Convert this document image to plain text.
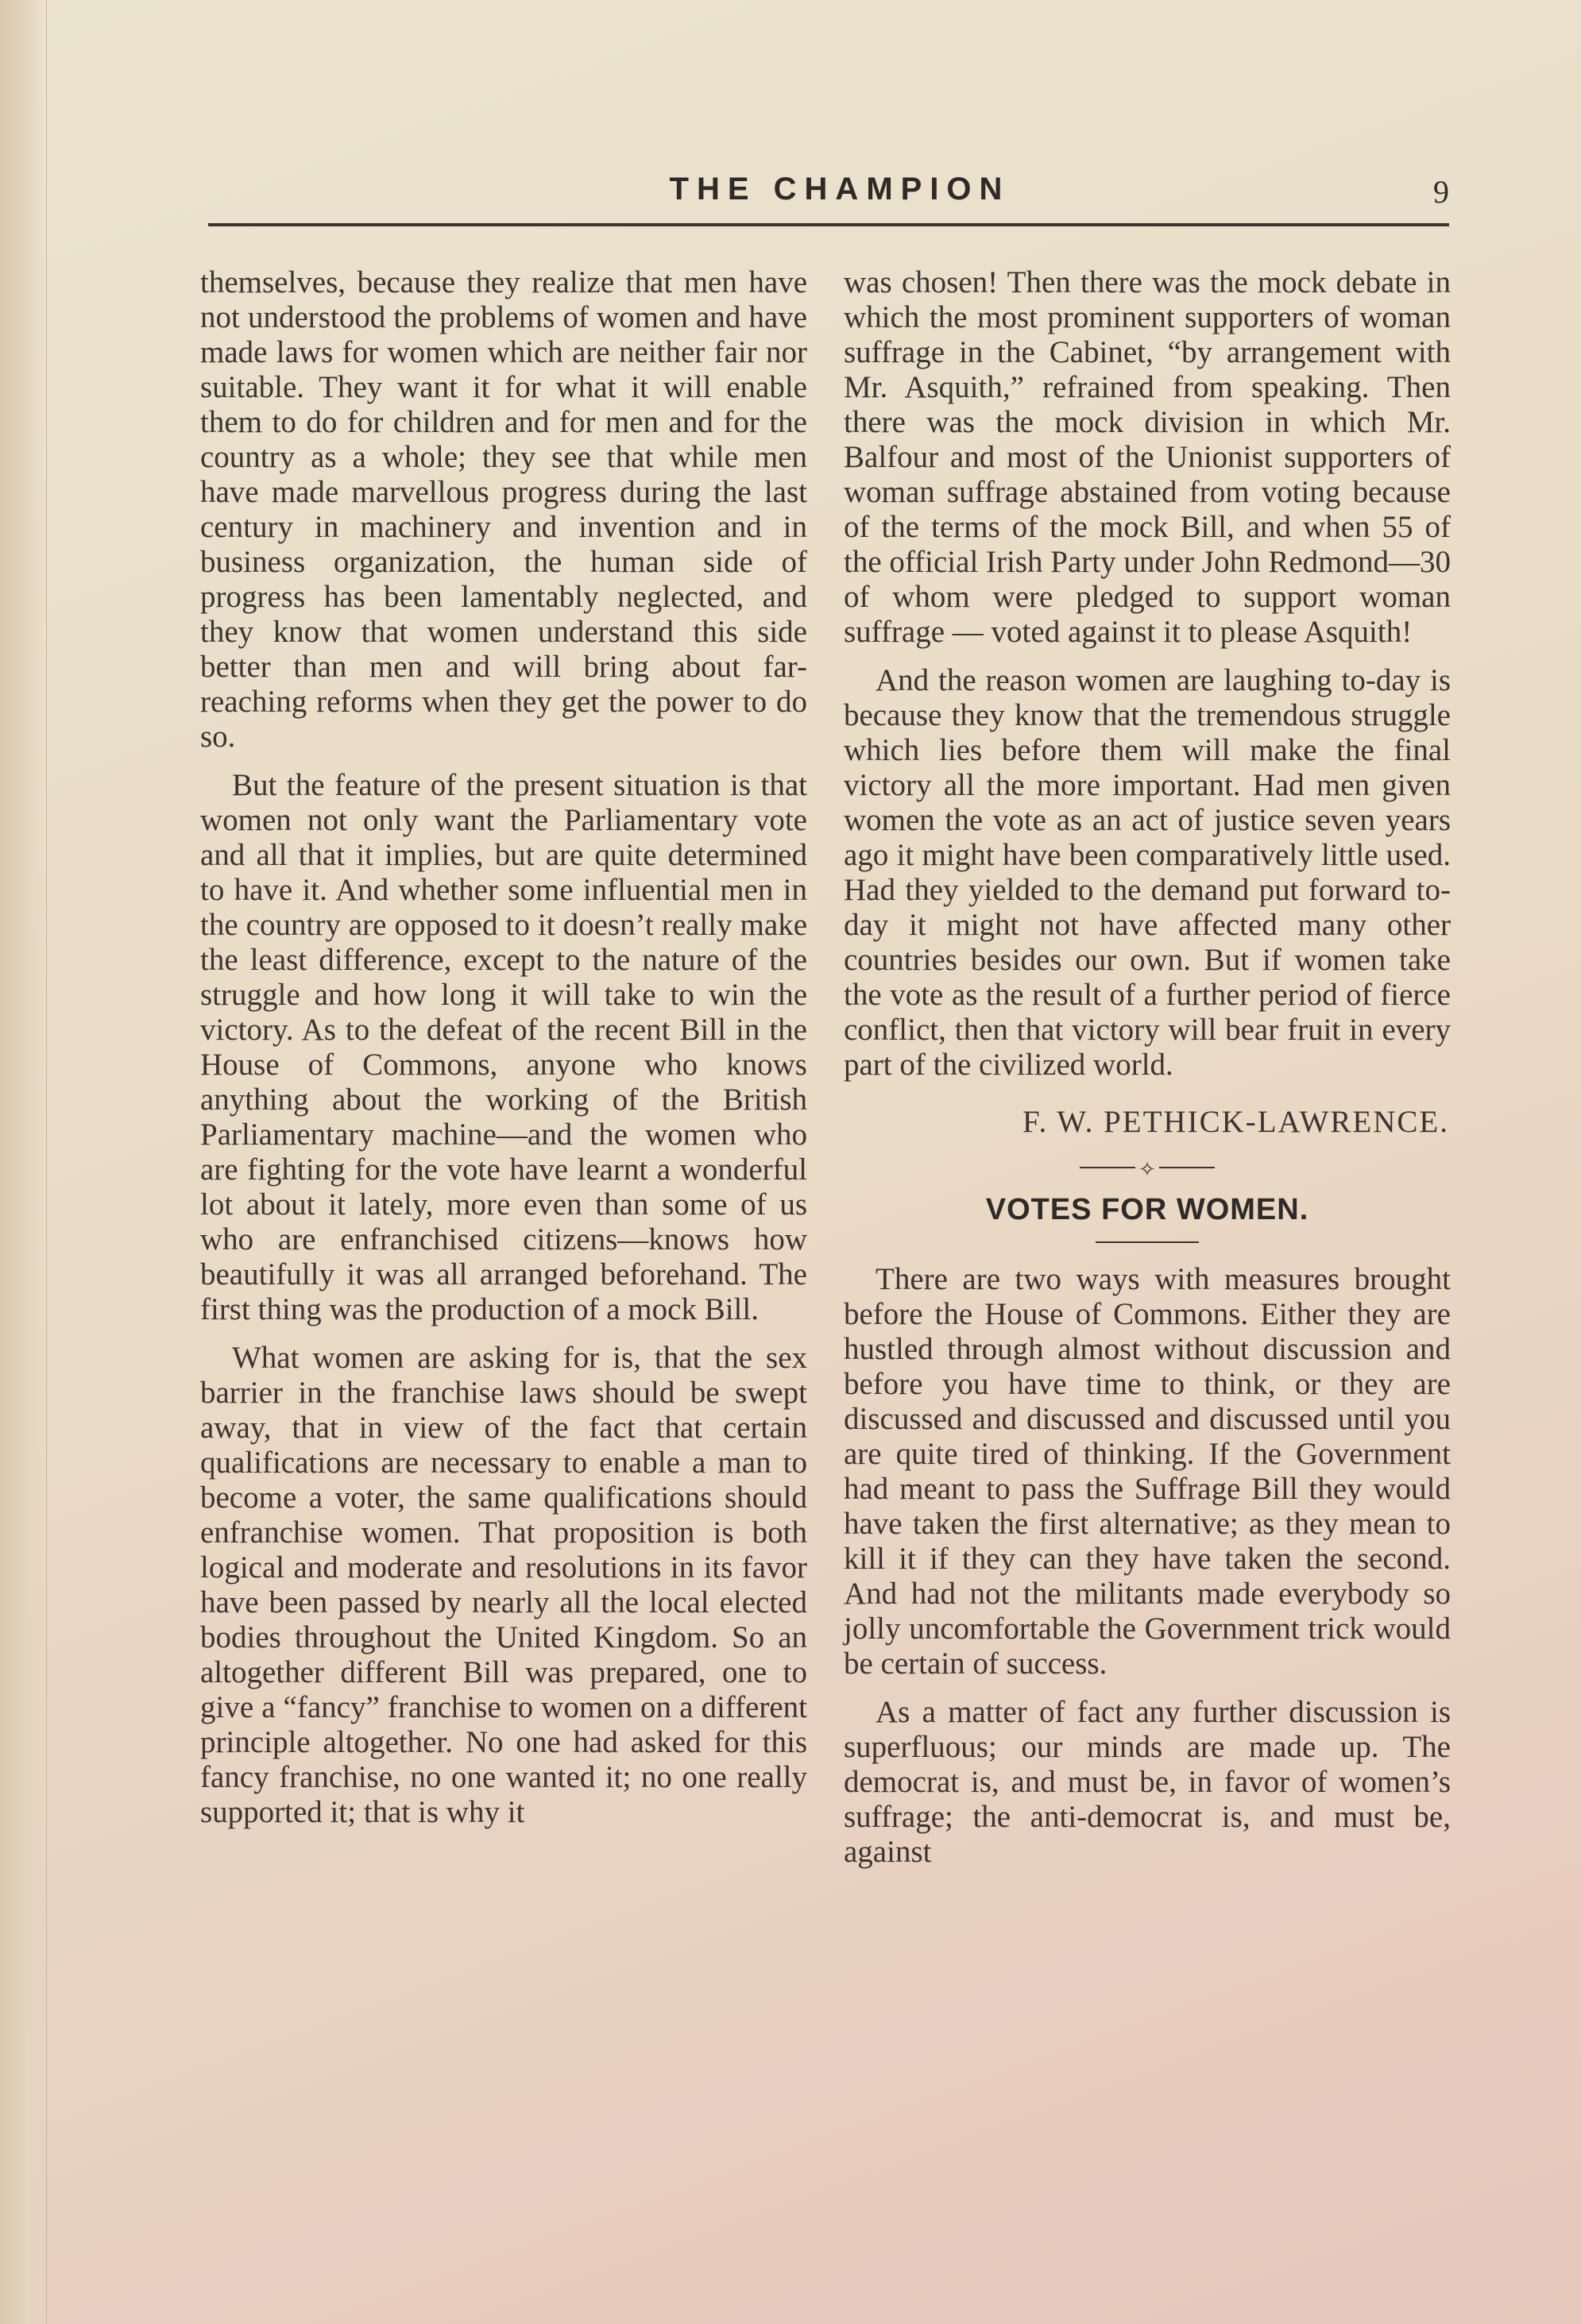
THE CHAMPION	9

themselves, because they realize that men have not understood the problems of women and have made laws for women which are neither fair nor suitable. They want it for what it will enable them to do for children and for men and for the country as a whole; they see that while men have made marvellous progress during the last century in machinery and invention and in business organization, the human side of progress has been lamentably neglected, and they know that women understand this side better than men and will bring about far-reaching reforms when they get the power to do so.

But the feature of the present situation is that women not only want the Parliamentary vote and all that it implies, but are quite determined to have it. And whether some influential men in the country are opposed to it doesn’t really make the least difference, except to the nature of the struggle and how long it will take to win the victory. As to the defeat of the recent Bill in the House of Commons, anyone who knows anything about the working of the British Parliamentary machine—and the women who are fighting for the vote have learnt a wonderful lot about it lately, more even than some of us who are enfranchised citizens—knows how beautifully it was all arranged beforehand. The first thing was the production of a mock Bill.

What women are asking for is, that the sex barrier in the franchise laws should be swept away, that in view of the fact that certain qualifications are necessary to enable a man to become a voter, the same qualifications should enfranchise women. That proposition is both logical and moderate and resolutions in its favor have been passed by nearly all the local elected bodies throughout the United Kingdom. So an altogether different Bill was prepared, one to give a “fancy” franchise to women on a different principle altogether. No one had asked for this fancy franchise, no one wanted it; no one really supported it; that is why it

was chosen! Then there was the mock debate in which the most prominent supporters of woman suffrage in the Cabinet, “by arrangement with Mr. Asquith,” refrained from speaking. Then there was the mock division in which Mr. Balfour and most of the Unionist supporters of woman suffrage abstained from voting because of the terms of the mock Bill, and when 55 of the official Irish Party under John Redmond—30 of whom were pledged to support woman suffrage — voted against it to please Asquith!

And the reason women are laughing to-day is because they know that the tremendous struggle which lies before them will make the final victory all the more important. Had men given women the vote as an act of justice seven years ago it might have been comparatively little used. Had they yielded to the demand put forward today it might not have affected many other countries besides our own. But if women take the vote as the result of a further period of fierce conflict, then that victory will bear fruit in every part of the civilized world.

F. W. PETHICK-LAWRENCE.
✧
VOTES FOR WOMEN.

There are two ways with measures brought before the House of Commons. Either they are hustled through almost without discussion and before you have time to think, or they are discussed and discussed and discussed until you are quite tired of thinking. If the Government had meant to pass the Suffrage Bill they would have taken the first alternative; as they mean to kill it if they can they have taken the second. And had not the militants made everybody so jolly uncomfortable the Government trick would be certain of success.

As a matter of fact any further discussion is superfluous; our minds are made up. The democrat is, and must be, in favor of women’s suffrage; the anti-democrat is, and must be, against
